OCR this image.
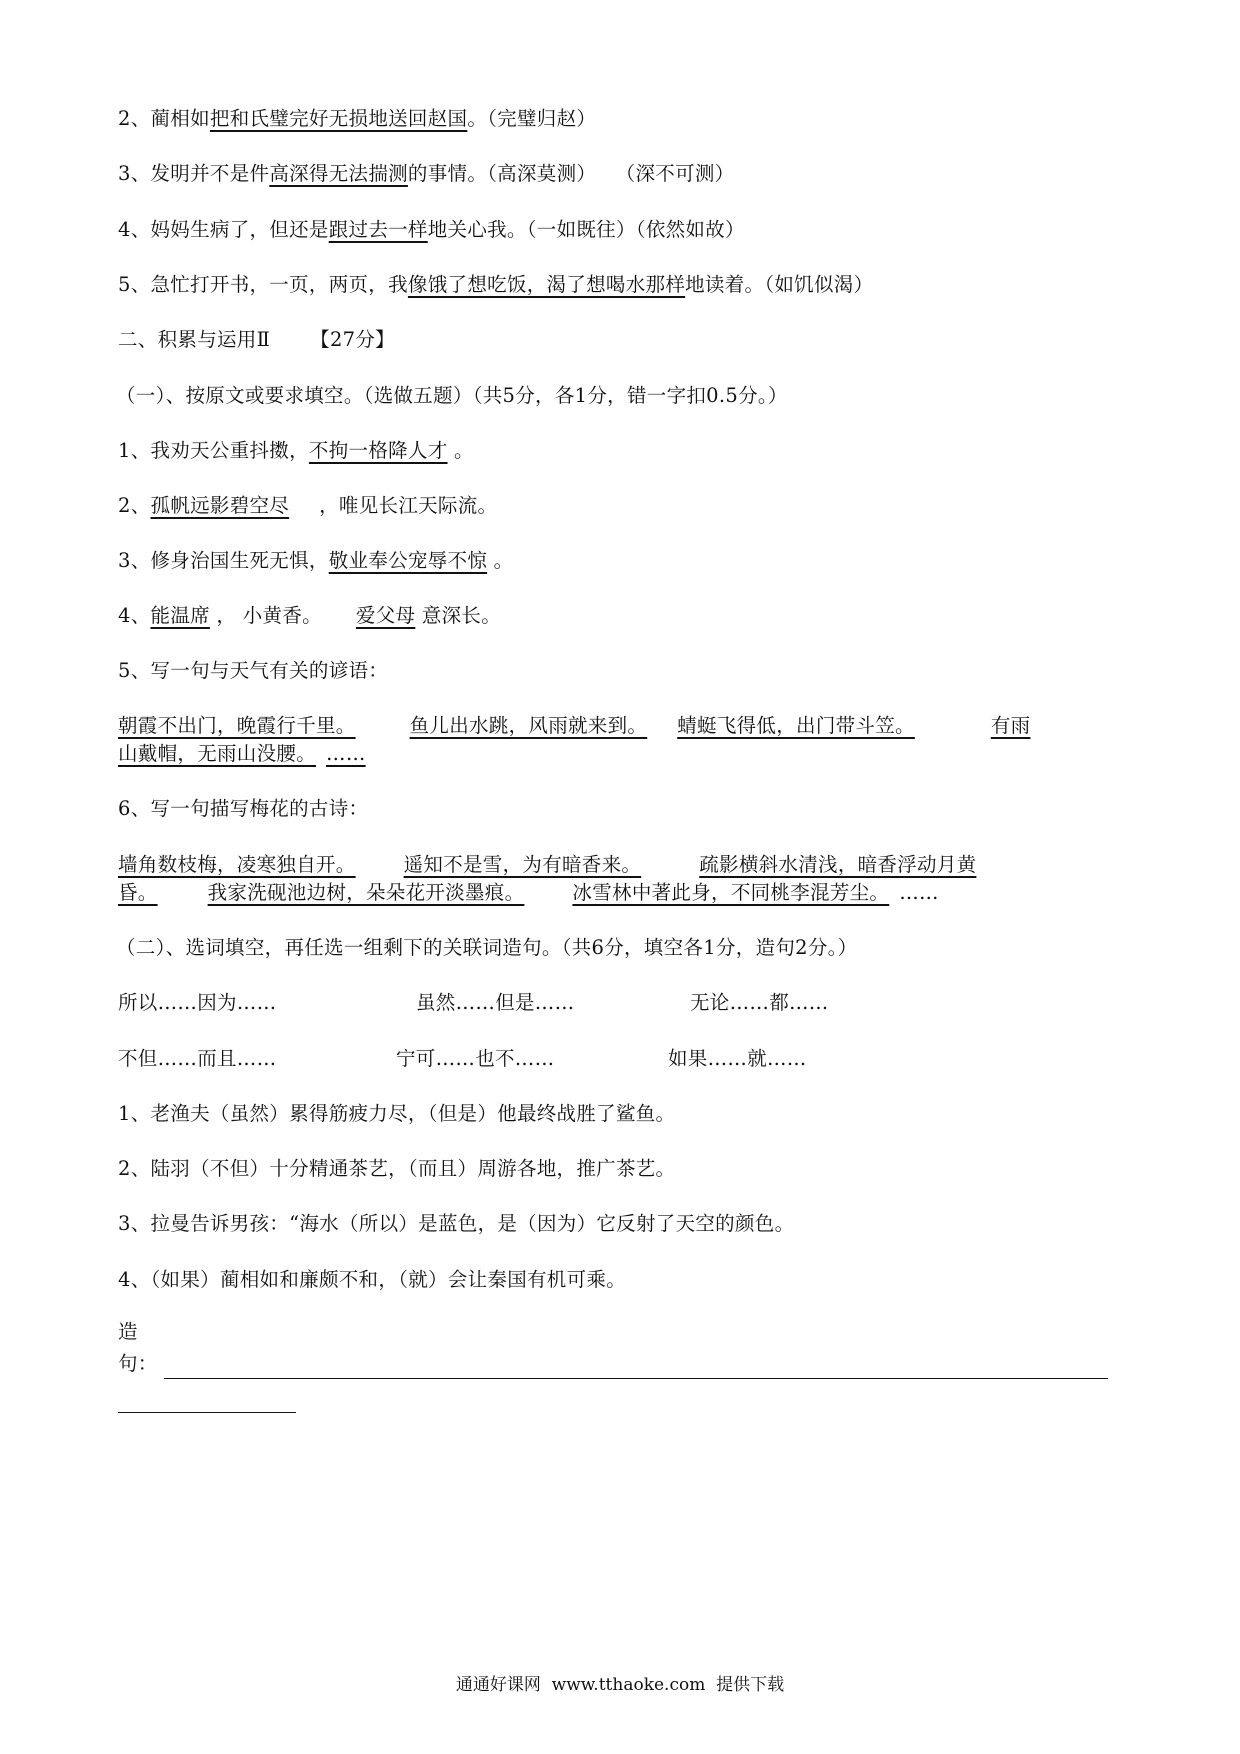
2、蔺相如把和氏璧完好无损地送回赵国。（完璧归赵）
3、发明并不是件高深得无法揣测的事情。（高深莫测）   （深不可测）
4、妈妈生病了，但还是跟过去一样地关心我。（一如既往）（依然如故）
5、急忙打开书，一页，两页，我像饿了想吃饭，渴了想喝水那样地读着。（如饥似渴）
二、积累与运用Ⅱ 【27分】
（一）、按原文或要求填空。（选做五题）（共5分，各1分，错一字扣0.5分。）
1、我劝天公重抖擞，不拘一格降人才 。
2、孤帆远影碧空尽 ，唯见长江天际流。
3、修身治国生死无惧，敬业奉公宠辱不惊 。
4、能温席 ， 小黄香。 爱父母 意深长。
5、写一句与天气有关的谚语：
朝霞不出门，晚霞行千里。	鱼儿出水跳，风雨就来到。 蜻蜓飞得低，出门带斗笠。	有雨
山戴帽，无雨山没腰。 ……
6、写一句描写梅花的古诗：
墙角数枝梅，凌寒独自开。 遥知不是雪，为有暗香来。	疏影横斜水清浅，暗香浮动月黄
昏。	我家洗砚池边树，朵朵花开淡墨痕。 冰雪林中著此身，不同桃李混芳尘。 ……
（二）、选词填空，再任选一组剩下的关联词造句。（共6分，填空各1分，造句2分。）
所以……因为……	虽然……但是……	无论……都……
不但……而且……	宁可……也不……	如果……就……
1、老渔夫（虽然）累得筋疲力尽，（但是）他最终战胜了鲨鱼。
2、陆羽（不但）十分精通茶艺，（而且）周游各地，推广茶艺。
3、拉曼告诉男孩：“海水（所以）是蓝色，是（因为）它反射了天空的颜色。
4、（如果）蔺相如和廉颇不和，（就）会让秦国有机可乘。
造
句：
通通好课网  www.tthaoke.com  提供下载
